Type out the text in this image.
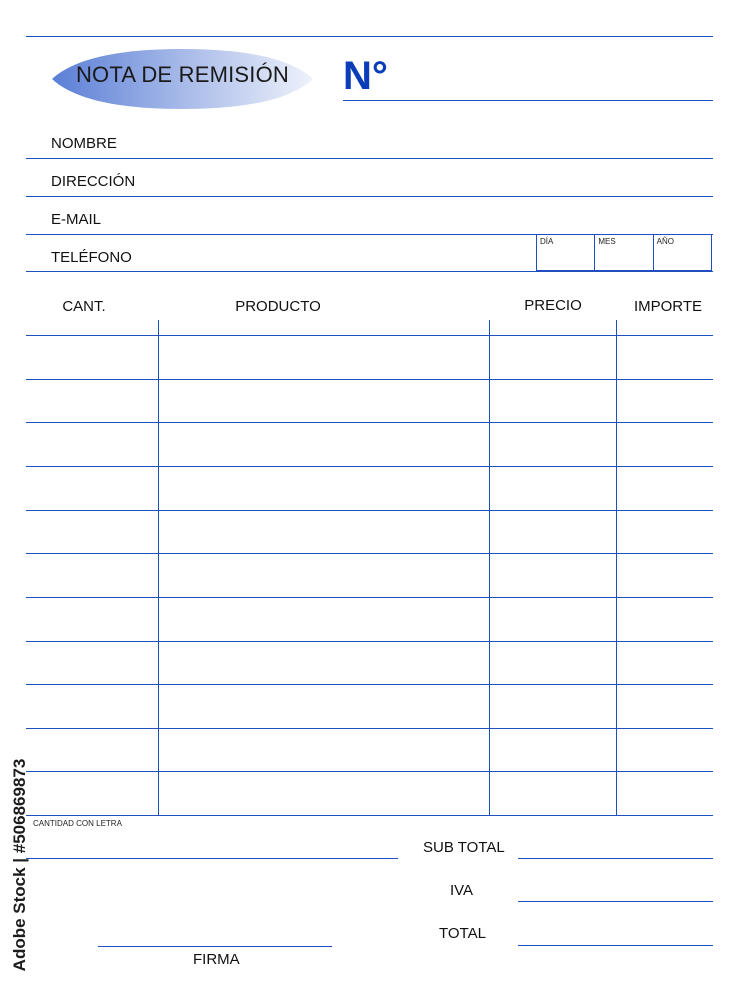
NOTA DE REMISIÓN	N°
NOMBRE
DIRECCIÓN
E-MAIL
TELÉFONO
DÍA	MES	AÑO
CANT.	PRODUCTO	PRECIO	IMPORTE
CANTIDAD CON LETRA
SUB TOTAL
IVA
TOTAL
FIRMA
Adobe Stock | #506869873
